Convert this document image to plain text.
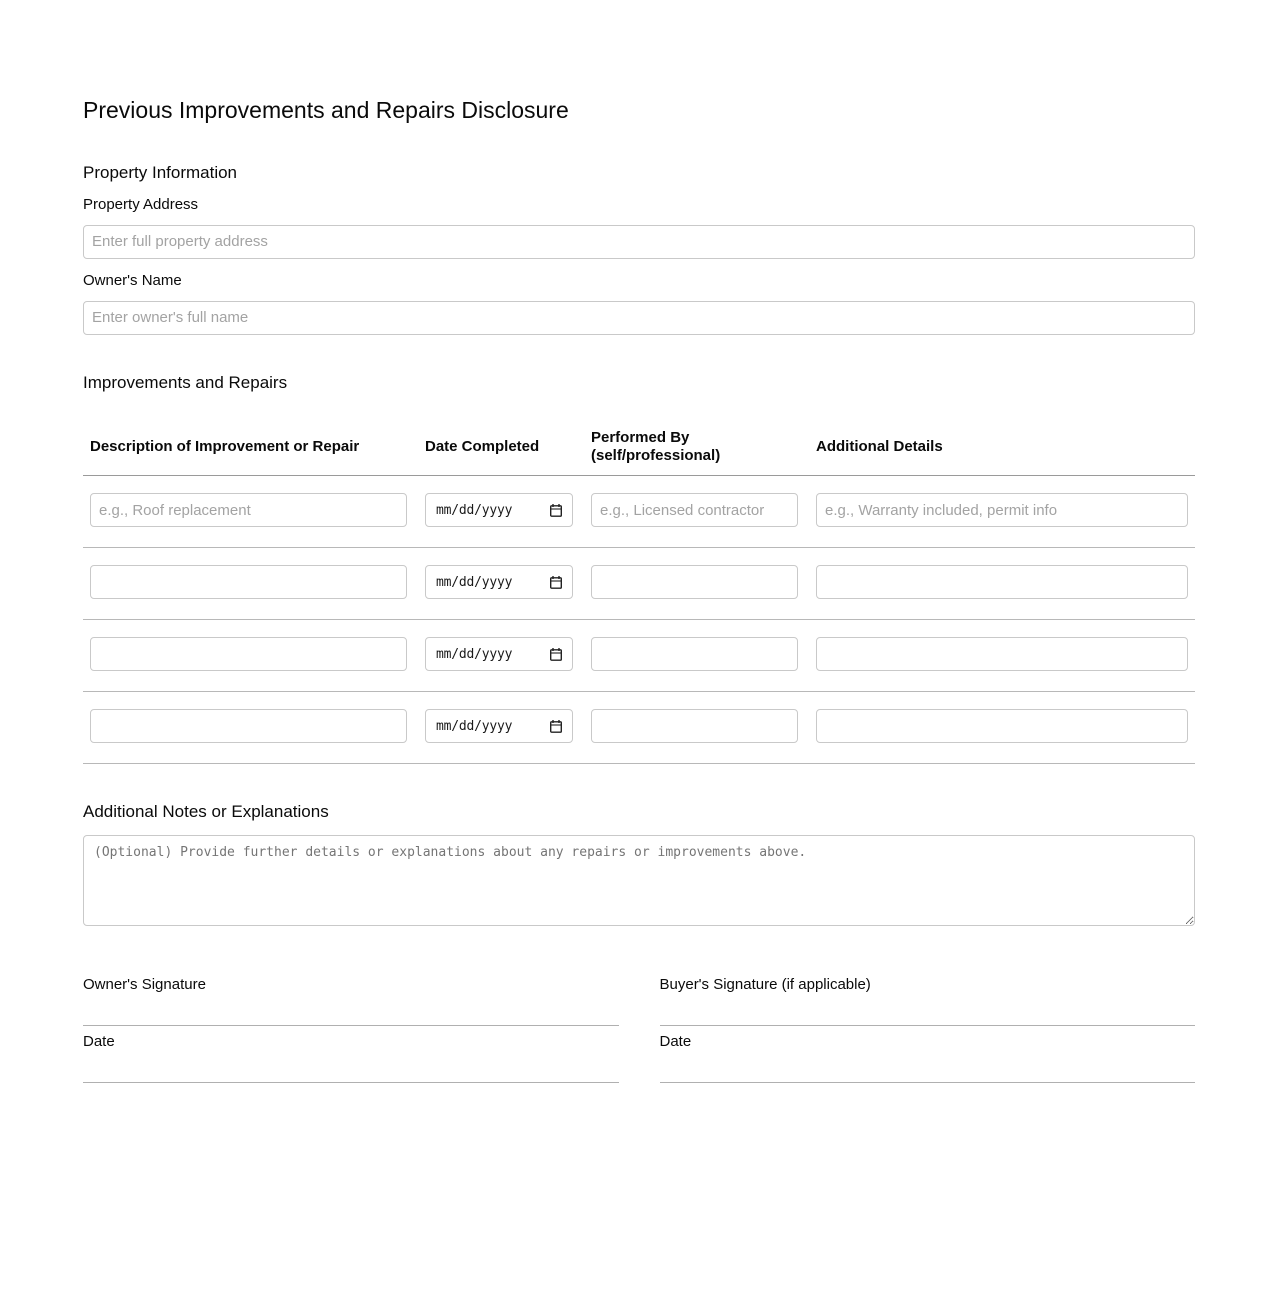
Previous Improvements and Repairs Disclosure
Property Information
Property Address
Enter full property address
Owner's Name
Enter owner's full name
Improvements and Repairs
Description of Improvement or Repair	Date Completed
Performed By (self/professional)
Additional Details
e.g., Roof replacement
mm/dd/yyyy
e.g., Licensed contractor
e.g., Warranty included, permit info
mm/dd/yyyy
mm/dd/yyyy
mm/dd/yyyy
Additional Notes or Explanations
(Optional) Provide further details or explanations about any repairs or improvements above.
Owner's Signature
Date
Buyer's Signature (if applicable)
Date
